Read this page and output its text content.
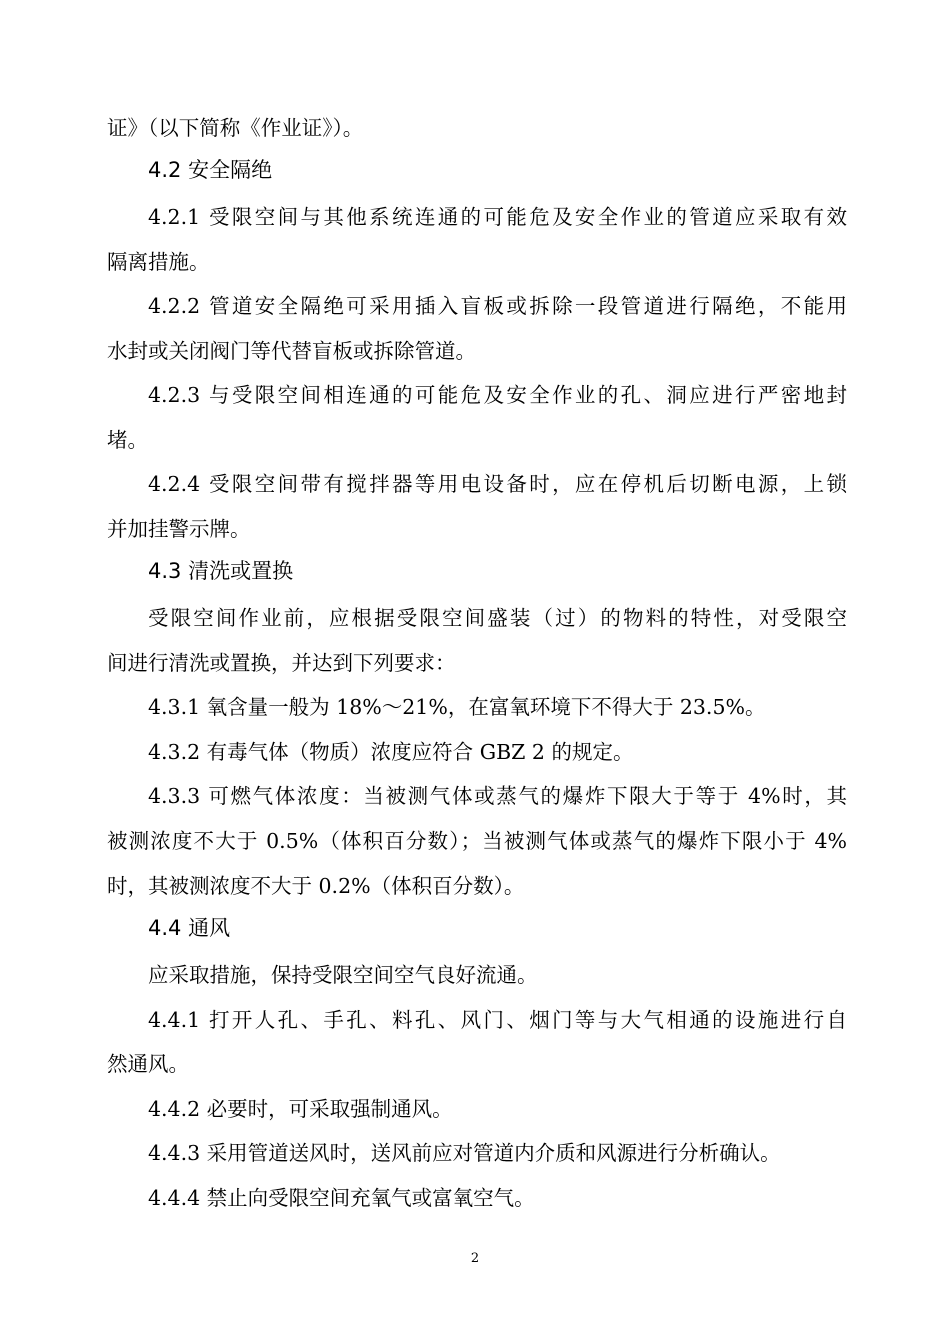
证》（以下简称《作业证》）。
4.2 安全隔绝
4.2.1 受限空间与其他系统连通的可能危及安全作业的管道应采取有效
隔离措施。
4.2.2 管道安全隔绝可采用插入盲板或拆除一段管道进行隔绝，不能用
水封或关闭阀门等代替盲板或拆除管道。
4.2.3 与受限空间相连通的可能危及安全作业的孔、洞应进行严密地封
堵。
4.2.4 受限空间带有搅拌器等用电设备时，应在停机后切断电源，上锁
并加挂警示牌。
4.3 清洗或置换
受限空间作业前，应根据受限空间盛装（过）的物料的特性，对受限空
间进行清洗或置换，并达到下列要求：
4.3.1 氧含量一般为 18%～21%，在富氧环境下不得大于 23.5%。
4.3.2 有毒气体（物质）浓度应符合 GBZ 2 的规定。
4.3.3 可燃气体浓度：当被测气体或蒸气的爆炸下限大于等于 4%时，其
被测浓度不大于 0.5%（体积百分数）；当被测气体或蒸气的爆炸下限小于 4%
时，其被测浓度不大于 0.2%（体积百分数）。
4.4 通风
应采取措施，保持受限空间空气良好流通。
4.4.1 打开人孔、手孔、料孔、风门、烟门等与大气相通的设施进行自
然通风。
4.4.2 必要时，可采取强制通风。
4.4.3 采用管道送风时，送风前应对管道内介质和风源进行分析确认。
4.4.4 禁止向受限空间充氧气或富氧空气。
2
